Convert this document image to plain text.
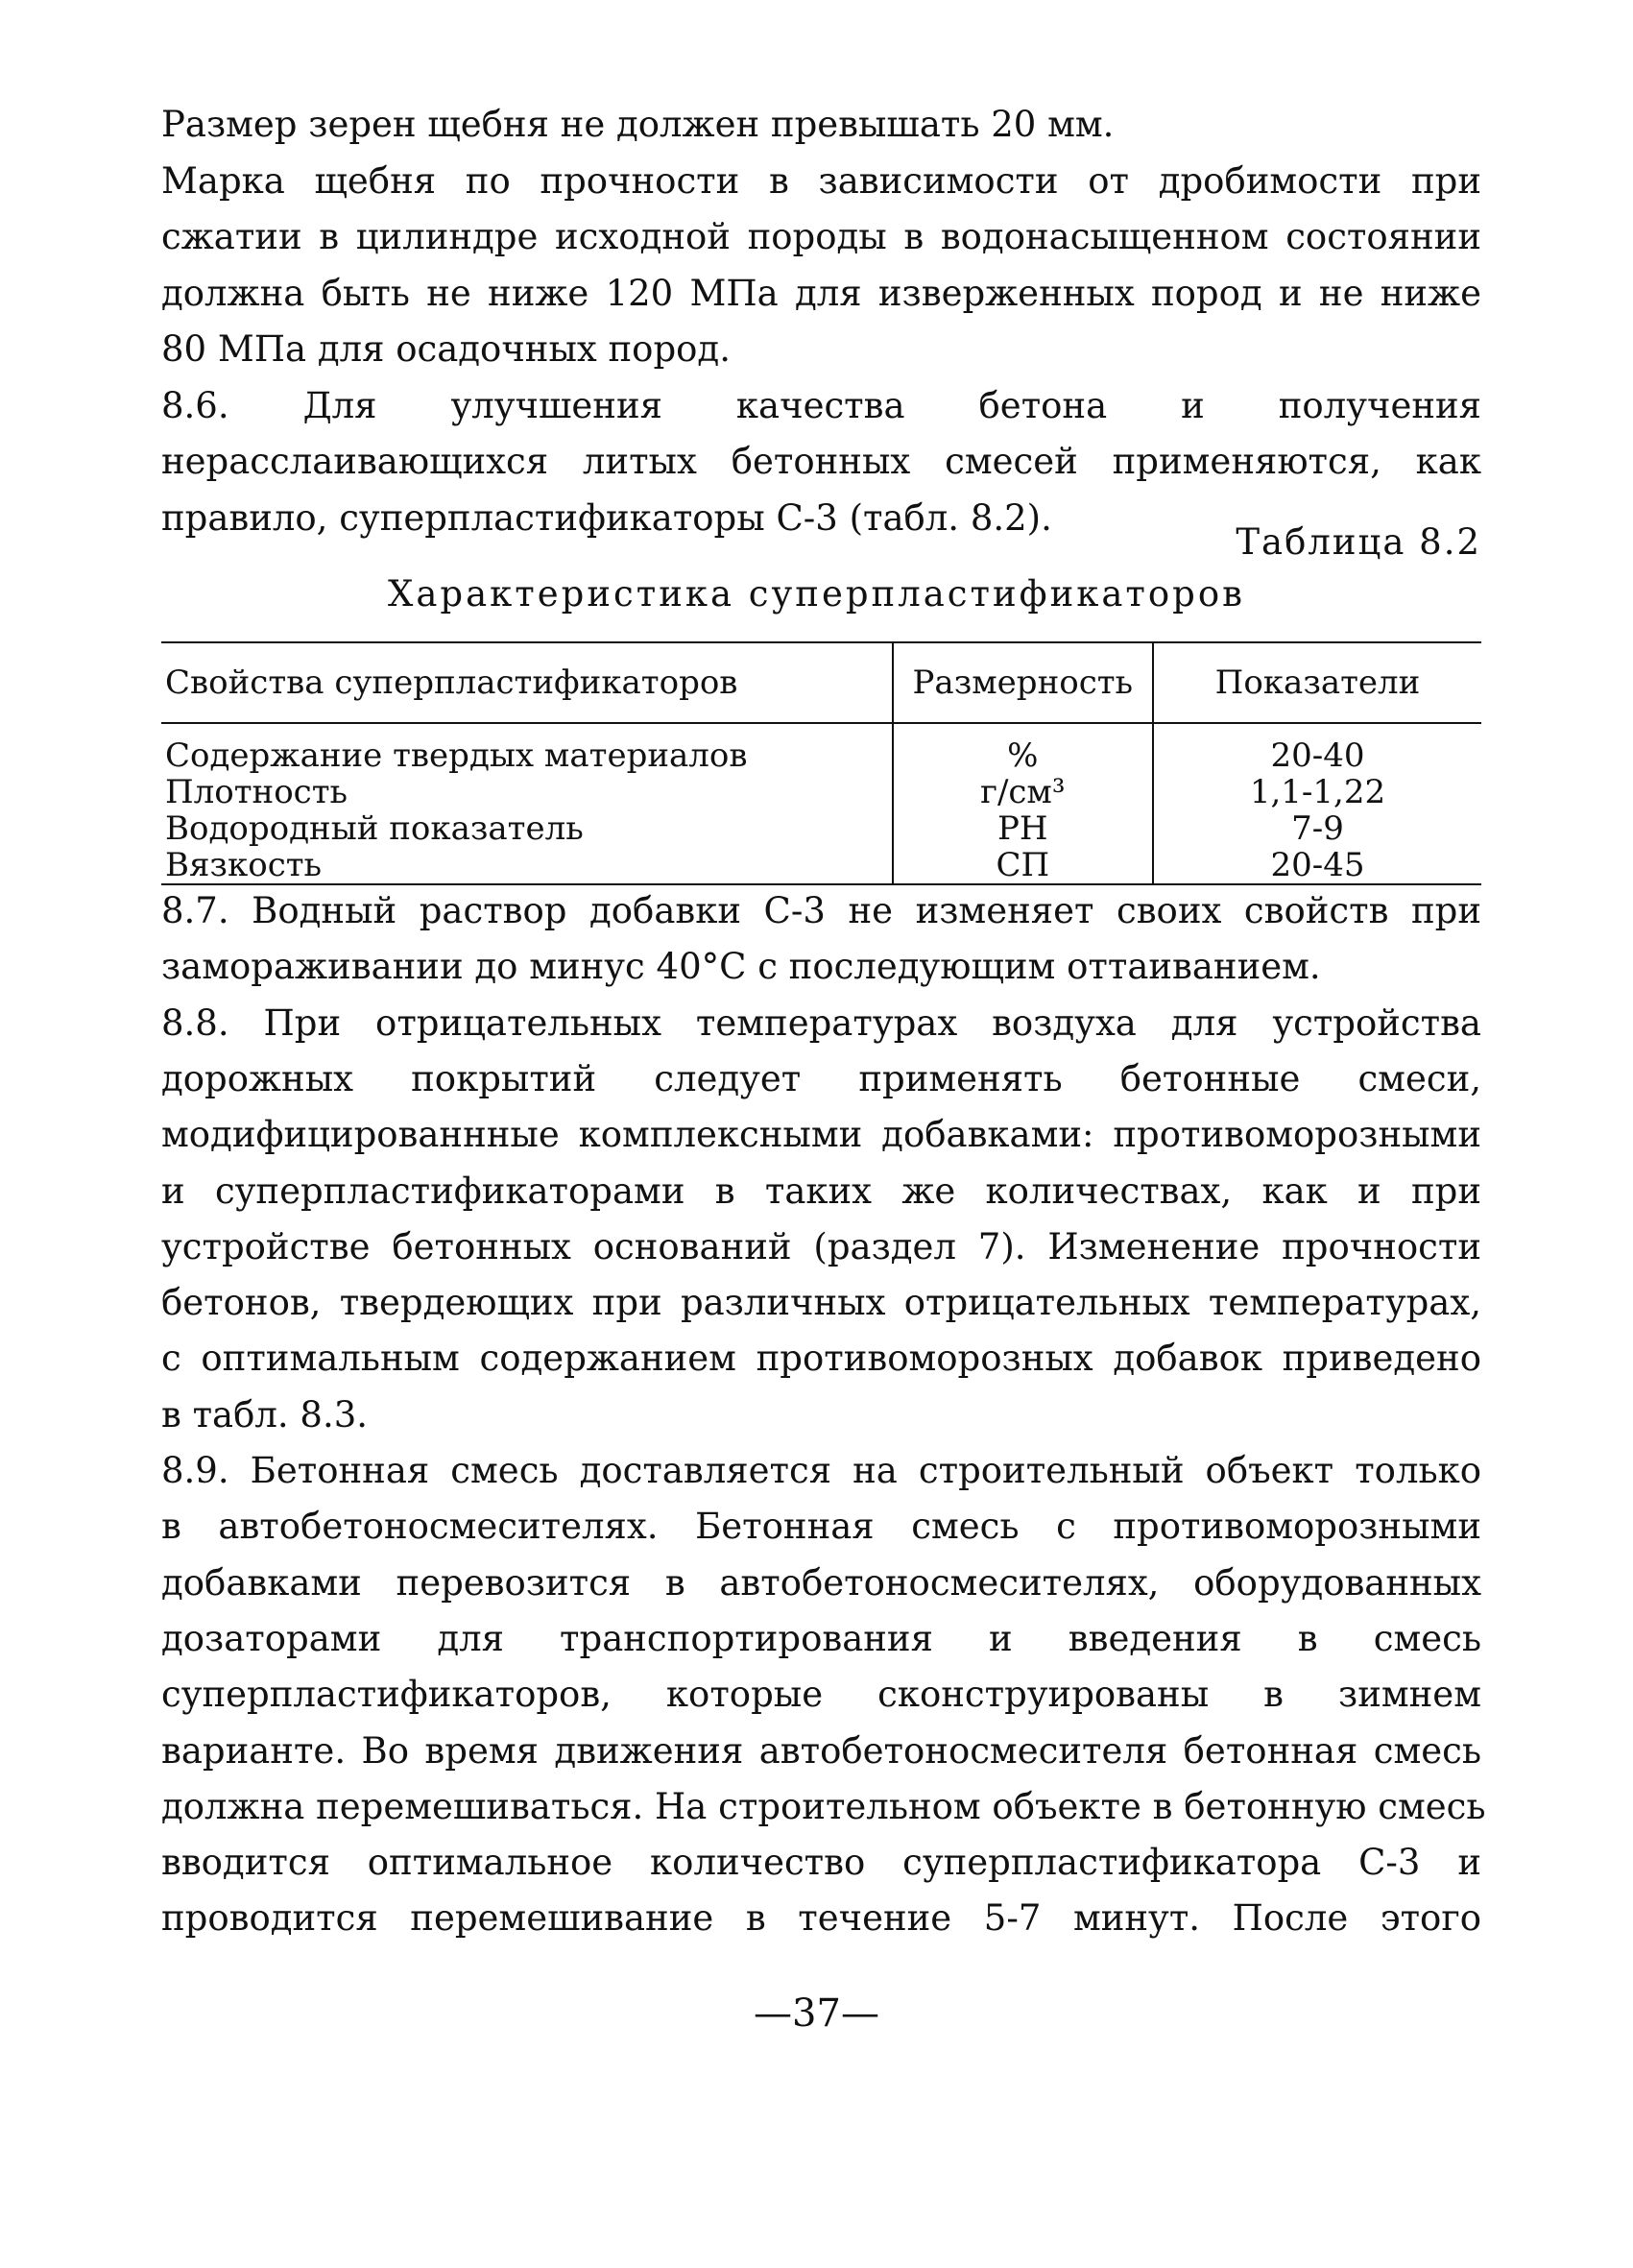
Размер зерен щебня не должен превышать 20 мм.
Марка щебня по прочности в зависимости от дробимости при
сжатии в цилиндре исходной породы в водонасыщенном состоянии
должна быть не ниже 120 МПа для изверженных пород и не ниже
80 МПа для осадочных пород.
8.6. Для улучшения качества бетона и получения
нерасслаивающихся литых бетонных смесей применяются, как
правило, суперпластификаторы С-3 (табл. 8.2).
Таблица 8.2
Характеристика суперпластификаторов
Свойства суперпластификаторов	Размерность	Показатели
Содержание твердых материалов	%	20-40
Плотность	г/см³	1,1-1,22
Водородный показатель	PH	7-9
Вязкость	СП	20-45
8.7. Водный раствор добавки С-3 не изменяет своих свойств при
замораживании до минус 40°С с последующим оттаиванием.
8.8. При отрицательных температурах воздуха для устройства
дорожных покрытий следует применять бетонные смеси,
модифицированнные комплексными добавками: противоморозными
и суперпластификаторами в таких же количествах, как и при
устройстве бетонных оснований (раздел 7). Изменение прочности
бетонов, твердеющих при различных отрицательных температурах,
с оптимальным содержанием противоморозных добавок приведено
в табл. 8.3.
8.9. Бетонная смесь доставляется на строительный объект только
в автобетоносмесителях. Бетонная смесь с противоморозными
добавками перевозится в автобетоносмесителях, оборудованных
дозаторами для транспортирования и введения в смесь
суперпластификаторов, которые сконструированы в зимнем
варианте. Во время движения автобетоносмесителя бетонная смесь
должна перемешиваться. На строительном объекте в бетонную смесь
вводится оптимальное количество суперпластификатора С-3 и
проводится перемешивание в течение 5-7 минут. После этого
—37—
